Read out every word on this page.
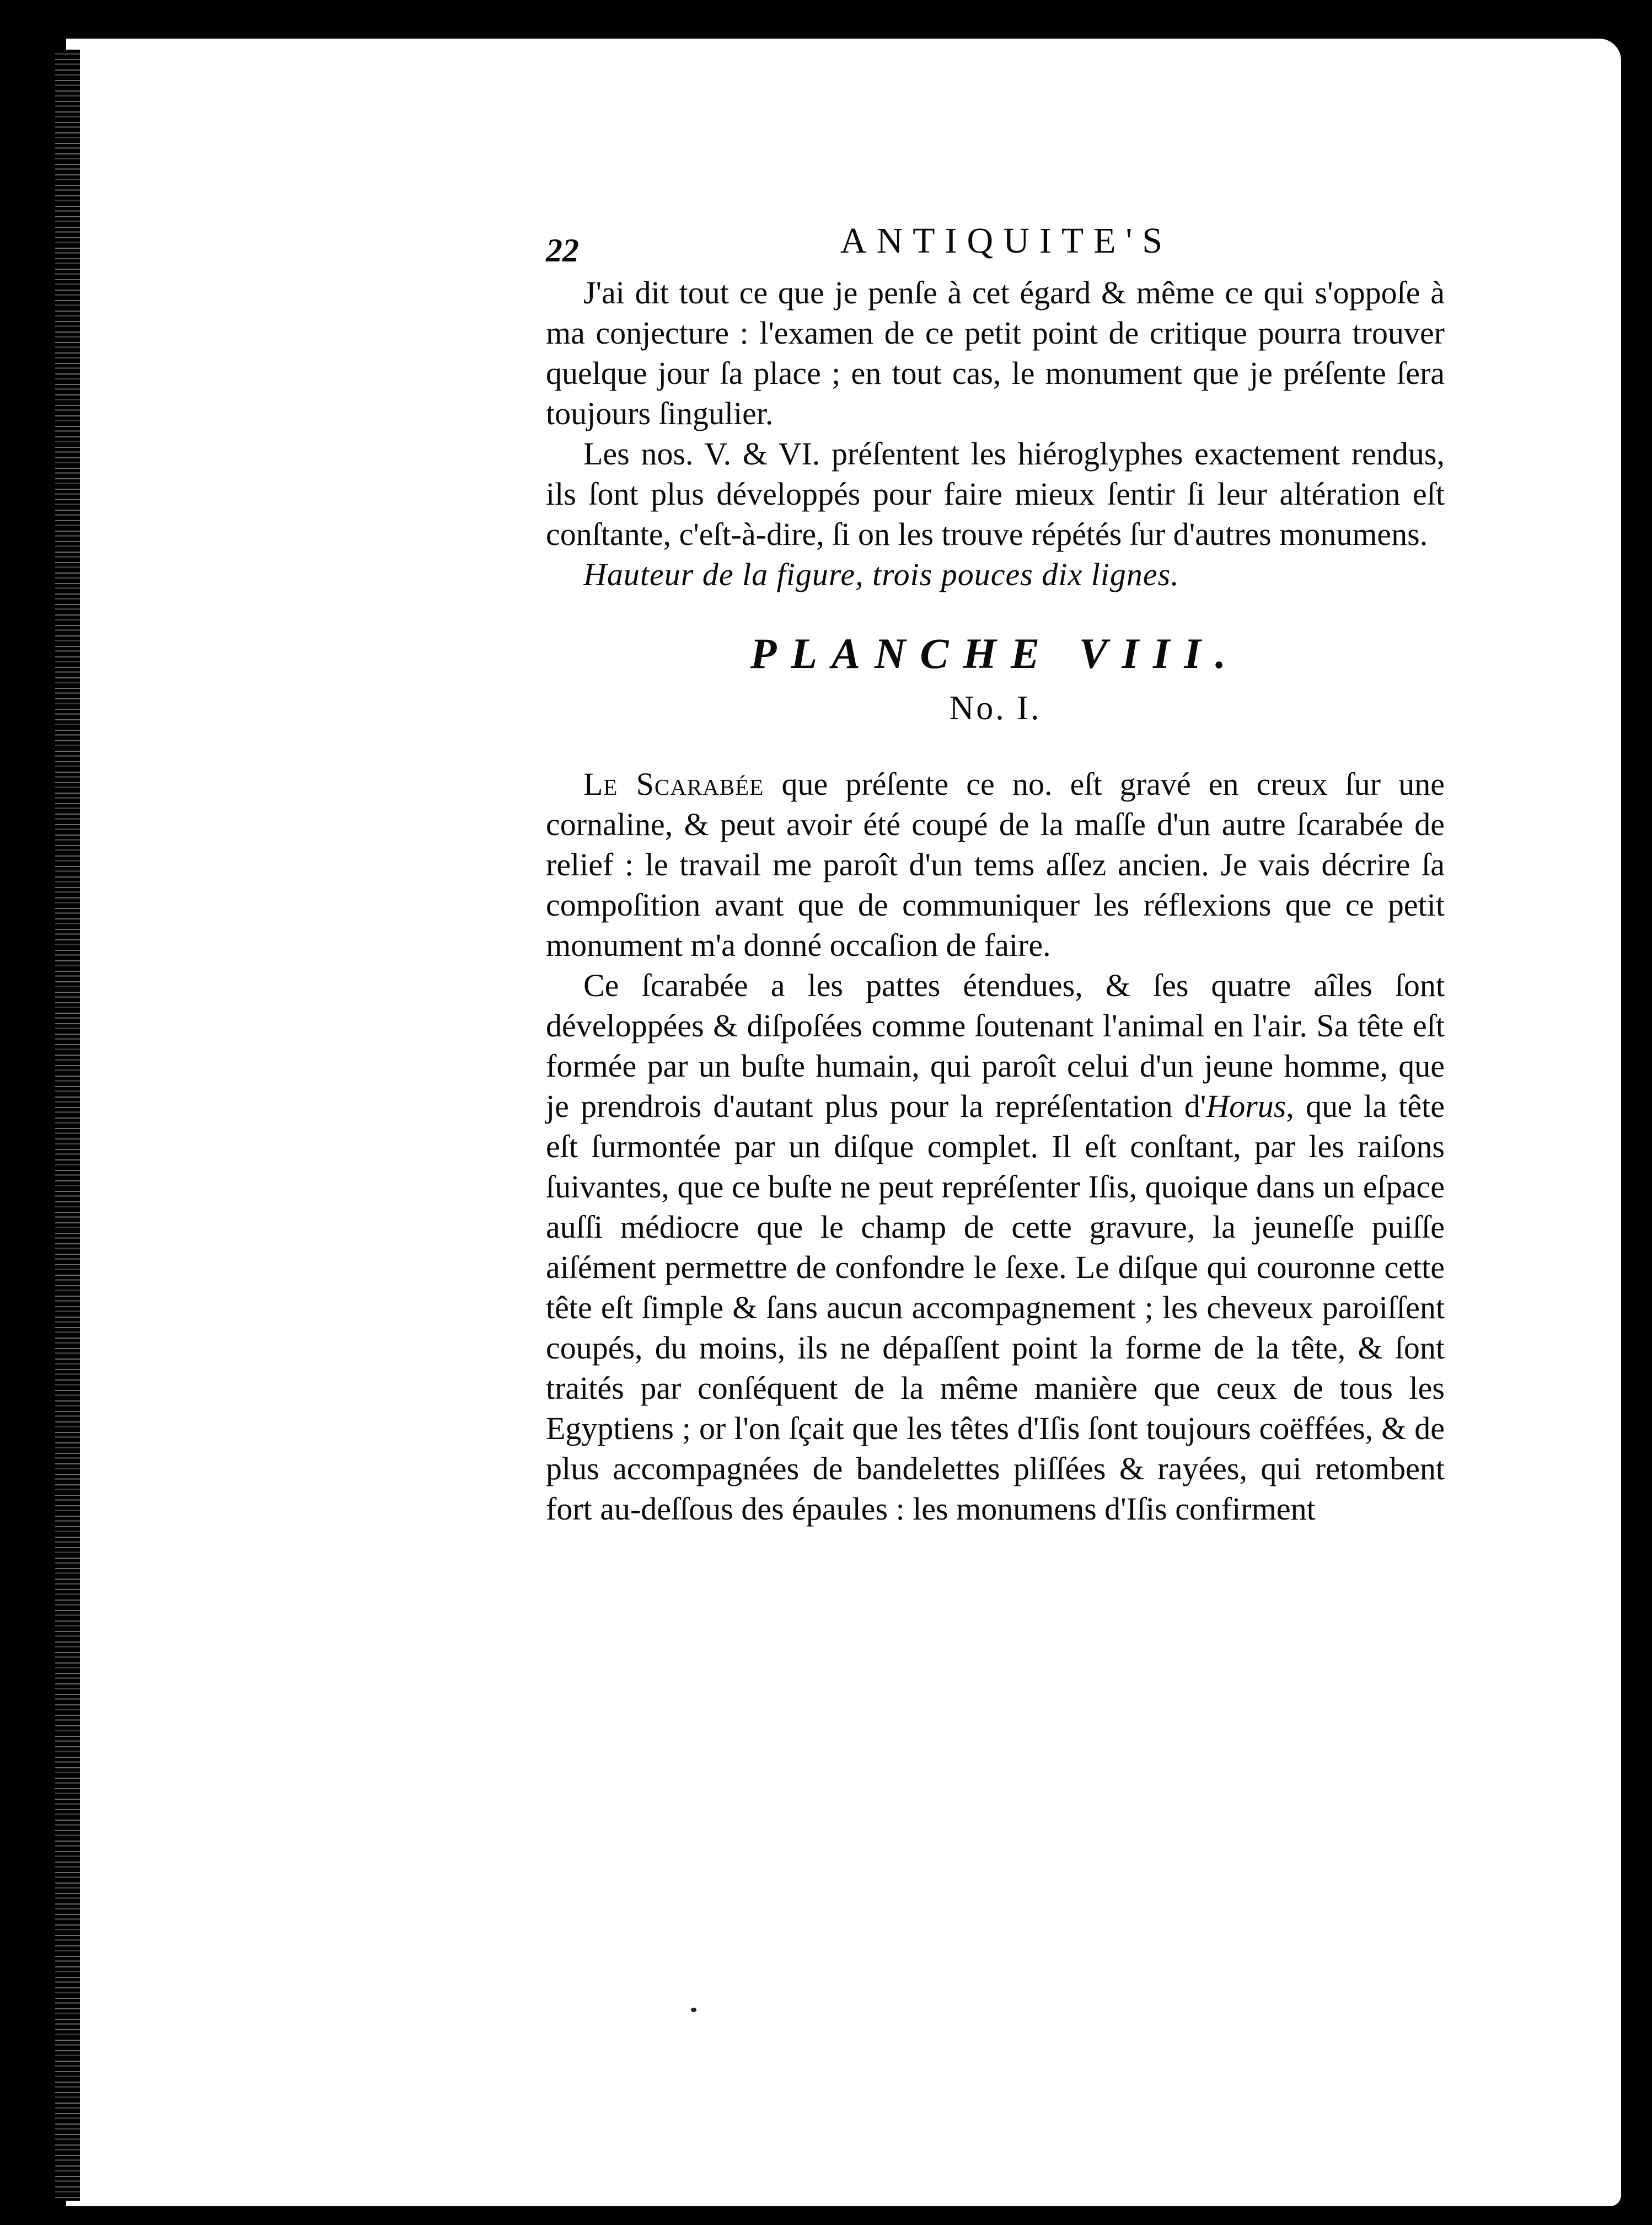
22	ANTIQUITE'S

J'ai dit tout ce que je penſe à cet égard & même ce qui s'oppoſe à ma conjecture : l'examen de ce petit point de critique pourra trouver quelque jour ſa place ; en tout cas, le monument que je préſente ſera toujours ſingulier.

Les nos. V. & VI. préſentent les hiéroglyphes exactement rendus, ils ſont plus développés pour faire mieux ſentir ſi leur altération eſt conſtante, c'eſt-à-dire, ſi on les trouve répétés ſur d'autres monumens.

Hauteur de la figure, trois pouces dix lignes.

PLANCHE VIII.
No. I.

Le Scarabée que préſente ce no. eſt gravé en creux ſur une cornaline, & peut avoir été coupé de la maſſe d'un autre ſcarabée de relief : le travail me paroît d'un tems aſſez ancien. Je vais décrire ſa compoſition avant que de communiquer les réflexions que ce petit monument m'a donné occaſion de faire.

Ce ſcarabée a les pattes étendues, & ſes quatre aîles ſont développées & diſpoſées comme ſoutenant l'animal en l'air. Sa tête eſt formée par un buſte humain, qui paroît celui d'un jeune homme, que je prendrois d'autant plus pour la repréſentation d'Horus, que la tête eſt ſurmontée par un diſque complet. Il eſt conſtant, par les raiſons ſuivantes, que ce buſte ne peut repréſenter Iſis, quoique dans un eſpace auſſi médiocre que le champ de cette gravure, la jeuneſſe puiſſe aiſément permettre de confondre le ſexe. Le diſque qui couronne cette tête eſt ſimple & ſans aucun accompagnement ; les cheveux paroiſſent coupés, du moins, ils ne dépaſſent point la forme de la tête, & ſont traités par conſéquent de la même manière que ceux de tous les Egyptiens ; or l'on ſçait que les têtes d'Iſis ſont toujours coëffées, & de plus accompagnées de bandelettes pliſſées & rayées, qui retombent fort au-deſſous des épaules : les monumens d'Iſis confirment
